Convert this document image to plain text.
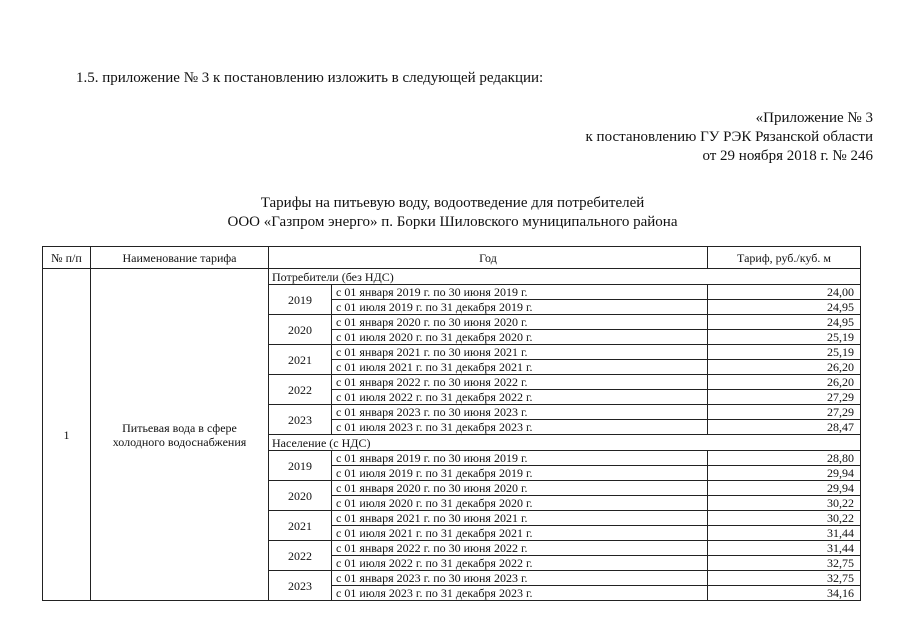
1.5. приложение № 3 к постановлению изложить в следующей редакции:
«Приложение № 3
к постановлению ГУ РЭК Рязанской области
от 29 ноября 2018 г. № 246
Тарифы на питьевую воду, водоотведение для потребителей
ООО «Газпром энерго» п. Борки Шиловского муниципального района
№ п/п	Наименование тарифа	Год		Тариф, руб./куб. м
1	Питьевая вода в сфере холодного водоснабжения	Потребители (без НДС)		
		2019	с 01 января 2019 г. по 30 июня 2019 г.	24,00
			с 01 июля 2019 г. по 31 декабря 2019 г.	24,95
		2020	с 01 января 2020 г. по 30 июня 2020 г.	24,95
			с 01 июля 2020 г. по 31 декабря 2020 г.	25,19
		2021	с 01 января 2021 г. по 30 июня 2021 г.	25,19
			с 01 июля 2021 г. по 31 декабря 2021 г.	26,20
		2022	с 01 января 2022 г. по 30 июня 2022 г.	26,20
			с 01 июля 2022 г. по 31 декабря 2022 г.	27,29
		2023	с 01 января 2023 г. по 30 июня 2023 г.	27,29
			с 01 июля 2023 г. по 31 декабря 2023 г.	28,47
		Население (с НДС)		
		2019	с 01 января 2019 г. по 30 июня 2019 г.	28,80
			с 01 июля 2019 г. по 31 декабря 2019 г.	29,94
		2020	с 01 января 2020 г. по 30 июня 2020 г.	29,94
			с 01 июля 2020 г. по 31 декабря 2020 г.	30,22
		2021	с 01 января 2021 г. по 30 июня 2021 г.	30,22
			с 01 июля 2021 г. по 31 декабря 2021 г.	31,44
		2022	с 01 января 2022 г. по 30 июня 2022 г.	31,44
			с 01 июля 2022 г. по 31 декабря 2022 г.	32,75
		2023	с 01 января 2023 г. по 30 июня 2023 г.	32,75
			с 01 июля 2023 г. по 31 декабря 2023 г.	34,16
